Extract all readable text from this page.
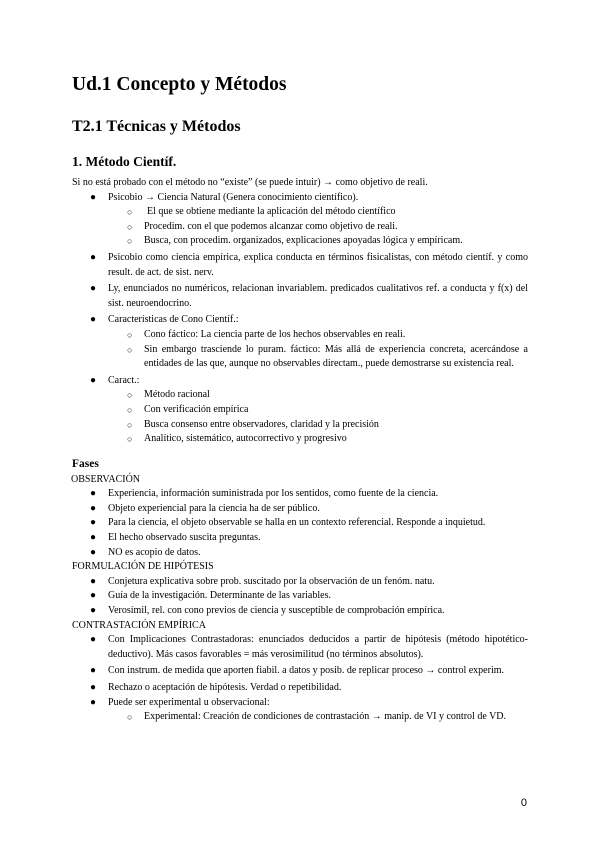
Ud.1 Concepto y Métodos
T2.1 Técnicas y Métodos
1. Método Científ.

Si no está probado con el método no “existe” (se puede intuir) → como objetivo de reali.

● Psicobio → Ciencia Natural (Genera conocimiento científico).
○ El que se obtiene mediante la aplicación del método científico
○ Procedim. con el que podemos alcanzar como objetivo de reali.
○ Busca, con procedim. organizados, explicaciones apoyadas lógica y empíricam.
● Psicobio como ciencia empírica, explica conducta en términos fisicalistas, con método científ. y como result. de act. de sist. nerv.
● Ly, enunciados no numéricos, relacionan invariablem. predicados cualitativos ref. a conducta y f(x) del sist. neuroendocrino.
● Características de Cono Científ.:
○ Cono fáctico: La ciencia parte de los hechos observables en reali.
○ Sin embargo trasciende lo puram. fáctico: Más allá de experiencia concreta, acercándose a entidades de las que, aunque no observables directam., puede demostrarse su existencia real.
● Caract.:
○ Método racional
○ Con verificación empírica
○ Busca consenso entre observadores, claridad y la precisión
○ Analítico, sistemático, autocorrectivo y progresivo

Fases

OBSERVACIÓN

● Experiencia, información suministrada por los sentidos, como fuente de la ciencia.
● Objeto experiencial para la ciencia ha de ser público.
● Para la ciencia, el objeto observable se halla en un contexto referencial. Responde a inquietud.
● El hecho observado suscita preguntas.
● NO es acopio de datos.

FORMULACIÓN DE HIPÓTESIS

● Conjetura explicativa sobre prob. suscitado por la observación de un fenóm. natu.
● Guía de la investigación. Determinante de las variables.
● Verosímil, rel. con cono previos de ciencia y susceptible de comprobación empírica.

CONTRASTACIÓN EMPÍRICA

● Con Implicaciones Contrastadoras: enunciados deducidos a partir de hipótesis (método hipotético-deductivo). Más casos favorables = más verosimilitud (no términos absolutos).
● Con instrum. de medida que aporten fiabil. a datos y posib. de replicar proceso → control experim.
● Rechazo o aceptación de hipótesis. Verdad o repetibilidad.
● Puede ser experimental u observacional:
○ Experimental: Creación de condiciones de contrastación → manip. de VI y control de VD.
0
